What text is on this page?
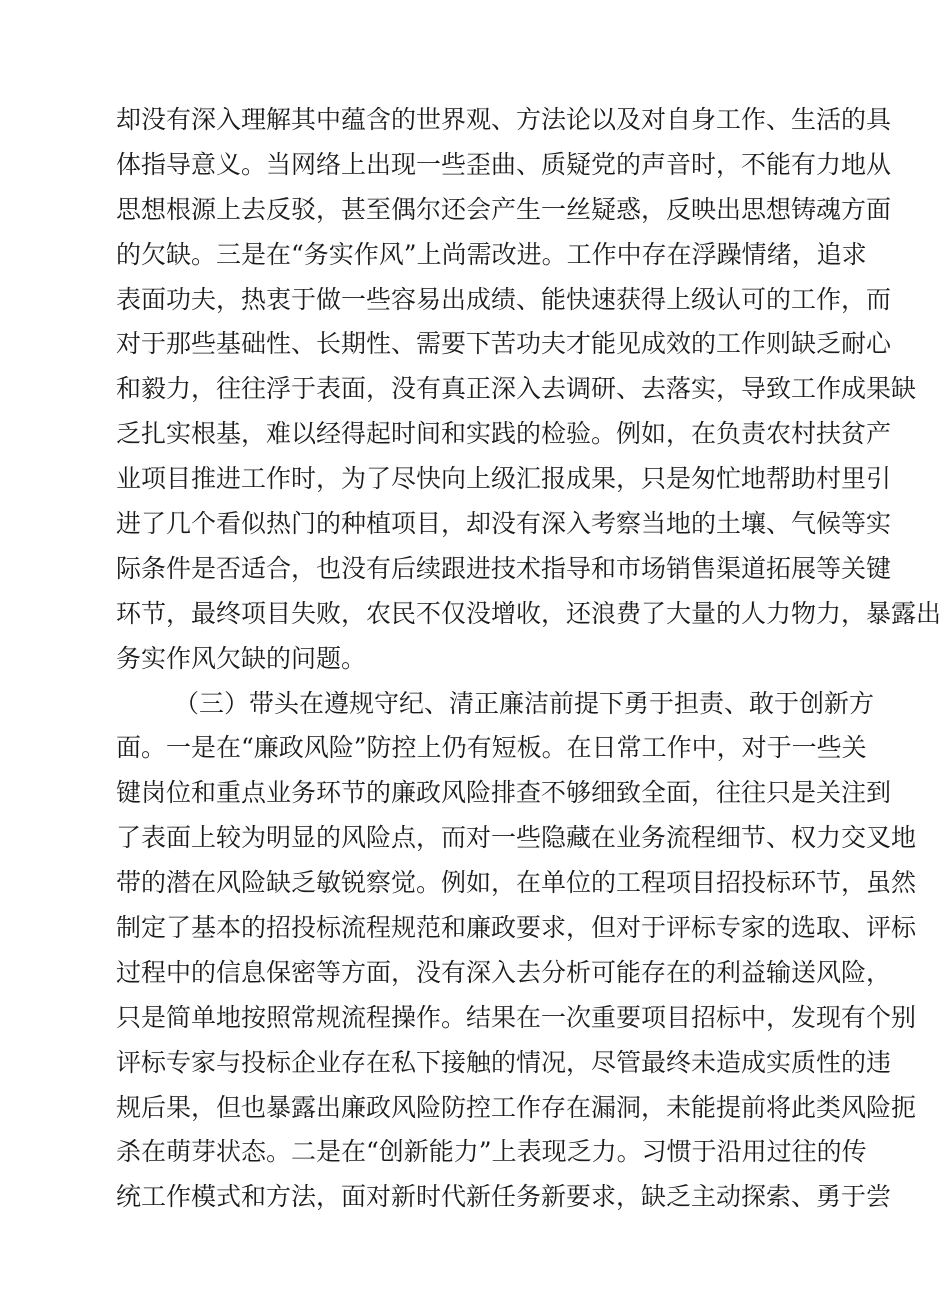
却没有深入理解其中蕴含的世界观、方法论以及对自身工作、生活的具
体指导意义。当网络上出现一些歪曲、质疑党的声音时，不能有力地从
思想根源上去反驳，甚至偶尔还会产生一丝疑惑，反映出思想铸魂方面
的欠缺。三是在“务实作风”上尚需改进。工作中存在浮躁情绪，追求
表面功夫，热衷于做一些容易出成绩、能快速获得上级认可的工作，而
对于那些基础性、长期性、需要下苦功夫才能见成效的工作则缺乏耐心
和毅力，往往浮于表面，没有真正深入去调研、去落实，导致工作成果缺
乏扎实根基，难以经得起时间和实践的检验。例如，在负责农村扶贫产
业项目推进工作时，为了尽快向上级汇报成果，只是匆忙地帮助村里引
进了几个看似热门的种植项目，却没有深入考察当地的土壤、气候等实
际条件是否适合，也没有后续跟进技术指导和市场销售渠道拓展等关键
环节，最终项目失败，农民不仅没增收，还浪费了大量的人力物力，暴露出
务实作风欠缺的问题。
（三）带头在遵规守纪、清正廉洁前提下勇于担责、敢于创新方
面。一是在“廉政风险”防控上仍有短板。在日常工作中，对于一些关
键岗位和重点业务环节的廉政风险排查不够细致全面，往往只是关注到
了表面上较为明显的风险点，而对一些隐藏在业务流程细节、权力交叉地
带的潜在风险缺乏敏锐察觉。例如，在单位的工程项目招投标环节，虽然
制定了基本的招投标流程规范和廉政要求，但对于评标专家的选取、评标
过程中的信息保密等方面，没有深入去分析可能存在的利益输送风险，
只是简单地按照常规流程操作。结果在一次重要项目招标中，发现有个别
评标专家与投标企业存在私下接触的情况，尽管最终未造成实质性的违
规后果，但也暴露出廉政风险防控工作存在漏洞，未能提前将此类风险扼
杀在萌芽状态。二是在“创新能力”上表现乏力。习惯于沿用过往的传
统工作模式和方法，面对新时代新任务新要求，缺乏主动探索、勇于尝
